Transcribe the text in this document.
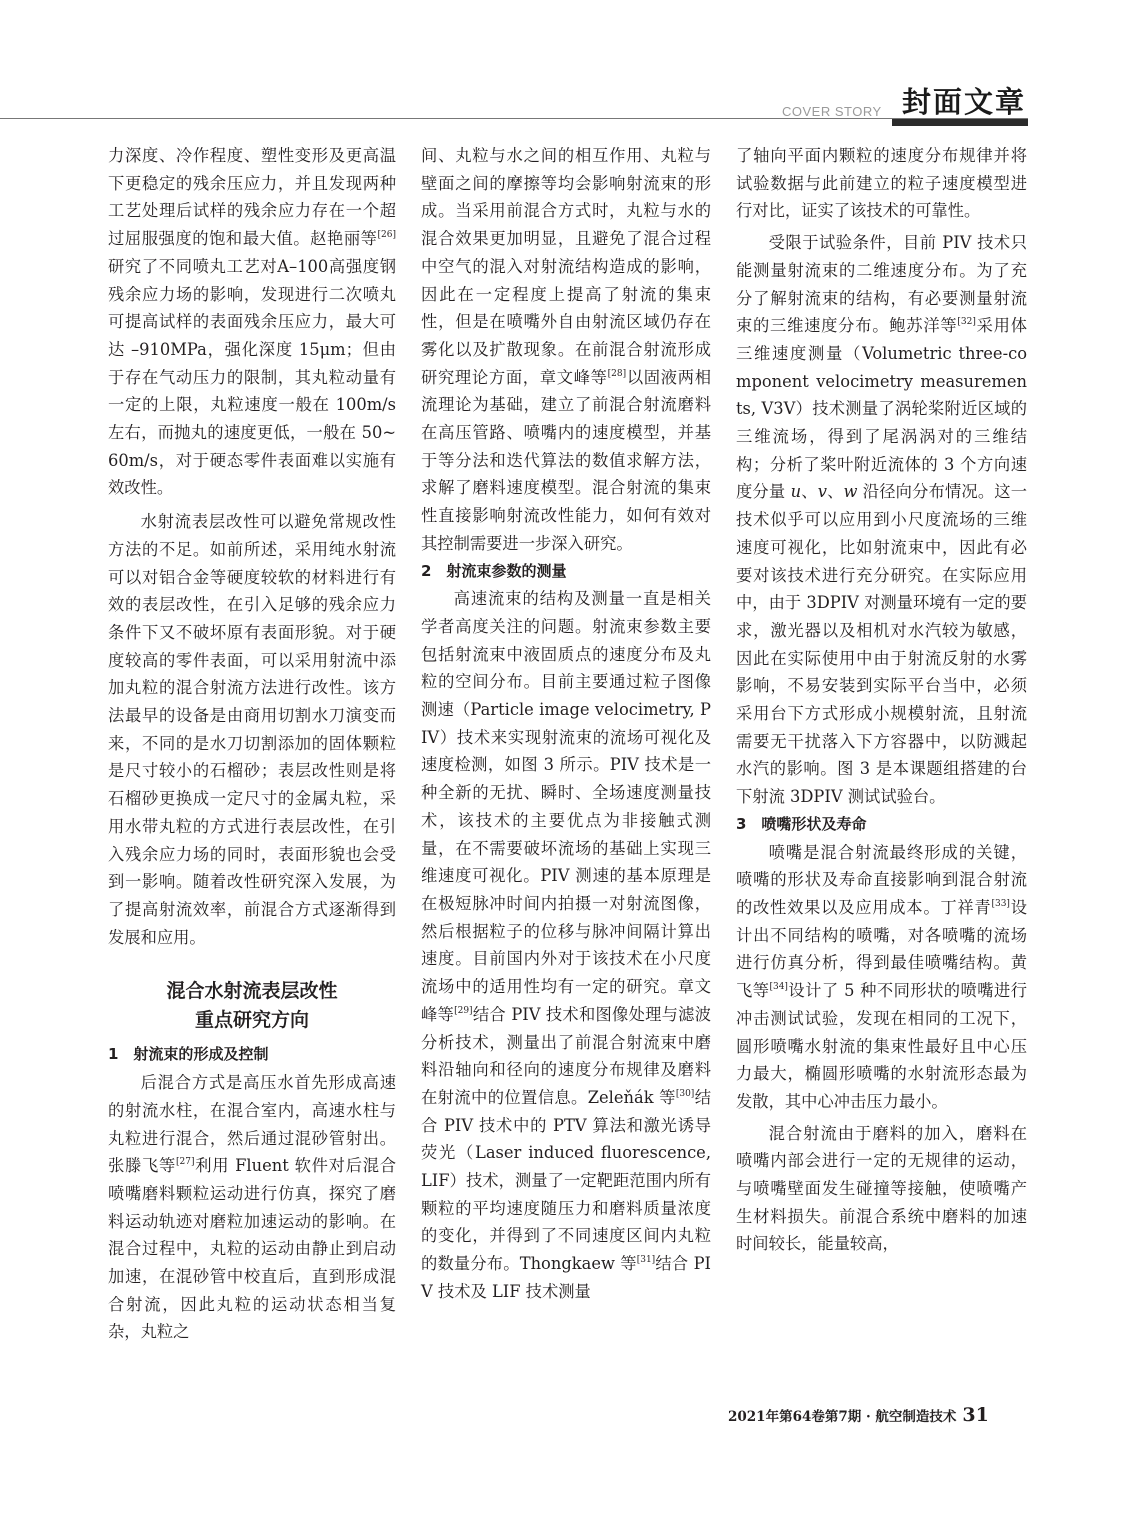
COVER STORY 封面文章

力深度、冷作程度、塑性变形及更高温下更稳定的残余压应力，并且发现两种工艺处理后试样的残余应力存在一个超过屈服强度的饱和最大值。赵艳丽等[26]研究了不同喷丸工艺对A–100高强度钢残余应力场的影响，发现进行二次喷丸可提高试样的表面残余压应力，最大可达 –910MPa，强化深度 15μm；但由于存在气动压力的限制，其丸粒动量有一定的上限，丸粒速度一般在 100m/s 左右，而抛丸的速度更低，一般在 50~60m/s，对于硬态零件表面难以实施有效改性。

水射流表层改性可以避免常规改性方法的不足。如前所述，采用纯水射流可以对铝合金等硬度较软的材料进行有效的表层改性，在引入足够的残余应力条件下又不破坏原有表面形貌。对于硬度较高的零件表面，可以采用射流中添加丸粒的混合射流方法进行改性。该方法最早的设备是由商用切割水刀演变而来，不同的是水刀切割添加的固体颗粒是尺寸较小的石榴砂；表层改性则是将石榴砂更换成一定尺寸的金属丸粒，采用水带丸粒的方式进行表层改性，在引入残余应力场的同时，表面形貌也会受到一影响。随着改性研究深入发展，为了提高射流效率，前混合方式逐渐得到发展和应用。

混合水射流表层改性
重点研究方向

1　射流束的形成及控制

后混合方式是高压水首先形成高速的射流水柱，在混合室内，高速水柱与丸粒进行混合，然后通过混砂管射出。张滕飞等[27]利用 Fluent 软件对后混合喷嘴磨料颗粒运动进行仿真，探究了磨料运动轨迹对磨粒加速运动的影响。在混合过程中，丸粒的运动由静止到启动加速，在混砂管中校直后，直到形成混合射流，因此丸粒的运动状态相当复杂，丸粒之

间、丸粒与水之间的相互作用、丸粒与壁面之间的摩擦等均会影响射流束的形成。当采用前混合方式时，丸粒与水的混合效果更加明显，且避免了混合过程中空气的混入对射流结构造成的影响，因此在一定程度上提高了射流的集束性，但是在喷嘴外自由射流区域仍存在雾化以及扩散现象。在前混合射流形成研究理论方面，章文峰等[28]以固液两相流理论为基础，建立了前混合射流磨料在高压管路、喷嘴内的速度模型，并基于等分法和迭代算法的数值求解方法，求解了磨料速度模型。混合射流的集束性直接影响射流改性能力，如何有效对其控制需要进一步深入研究。

2　射流束参数的测量

高速流束的结构及测量一直是相关学者高度关注的问题。射流束参数主要包括射流束中液固质点的速度分布及丸粒的空间分布。目前主要通过粒子图像测速（Particle image velocimetry, PIV）技术来实现射流束的流场可视化及速度检测，如图 3 所示。PIV 技术是一种全新的无扰、瞬时、全场速度测量技术，该技术的主要优点为非接触式测量，在不需要破坏流场的基础上实现三维速度可视化。PIV 测速的基本原理是在极短脉冲时间内拍摄一对射流图像，然后根据粒子的位移与脉冲间隔计算出速度。目前国内外对于该技术在小尺度流场中的适用性均有一定的研究。章文峰等[29]结合 PIV 技术和图像处理与滤波分析技术，测量出了前混合射流束中磨料沿轴向和径向的速度分布规律及磨料在射流中的位置信息。Zeleňák 等[30]结合 PIV 技术中的 PTV 算法和激光诱导荧光（Laser induced fluorescence, LIF）技术，测量了一定靶距范围内所有颗粒的平均速度随压力和磨料质量浓度的变化，并得到了不同速度区间内丸粒的数量分布。Thongkaew 等[31]结合 PIV 技术及 LIF 技术测量

了轴向平面内颗粒的速度分布规律并将试验数据与此前建立的粒子速度模型进行对比，证实了该技术的可靠性。

受限于试验条件，目前 PIV 技术只能测量射流束的二维速度分布。为了充分了解射流束的结构，有必要测量射流束的三维速度分布。鲍苏洋等[32]采用体三维速度测量（Volumetric three-component velocimetry measurements, V3V）技术测量了涡轮桨附近区域的三维流场，得到了尾涡涡对的三维结构；分析了桨叶附近流体的 3 个方向速度分量 u、v、w 沿径向分布情况。这一技术似乎可以应用到小尺度流场的三维速度可视化，比如射流束中，因此有必要对该技术进行充分研究。在实际应用中，由于 3DPIV 对测量环境有一定的要求，激光器以及相机对水汽较为敏感，因此在实际使用中由于射流反射的水雾影响，不易安装到实际平台当中，必须采用台下方式形成小规模射流，且射流需要无干扰落入下方容器中，以防溅起水汽的影响。图 3 是本课题组搭建的台下射流 3DPIV 测试试验台。

3　喷嘴形状及寿命

喷嘴是混合射流最终形成的关键，喷嘴的形状及寿命直接影响到混合射流的改性效果以及应用成本。丁祥青[33]设计出不同结构的喷嘴，对各喷嘴的流场进行仿真分析，得到最佳喷嘴结构。黄飞等[34]设计了 5 种不同形状的喷嘴进行冲击测试试验，发现在相同的工况下，圆形喷嘴水射流的集束性最好且中心压力最大，椭圆形喷嘴的水射流形态最为发散，其中心冲击压力最小。

混合射流由于磨料的加入，磨料在喷嘴内部会进行一定的无规律的运动，与喷嘴壁面发生碰撞等接触，使喷嘴产生材料损失。前混合系统中磨料的加速时间较长，能量较高，

2021年第64卷第7期 · 航空制造技术 31
